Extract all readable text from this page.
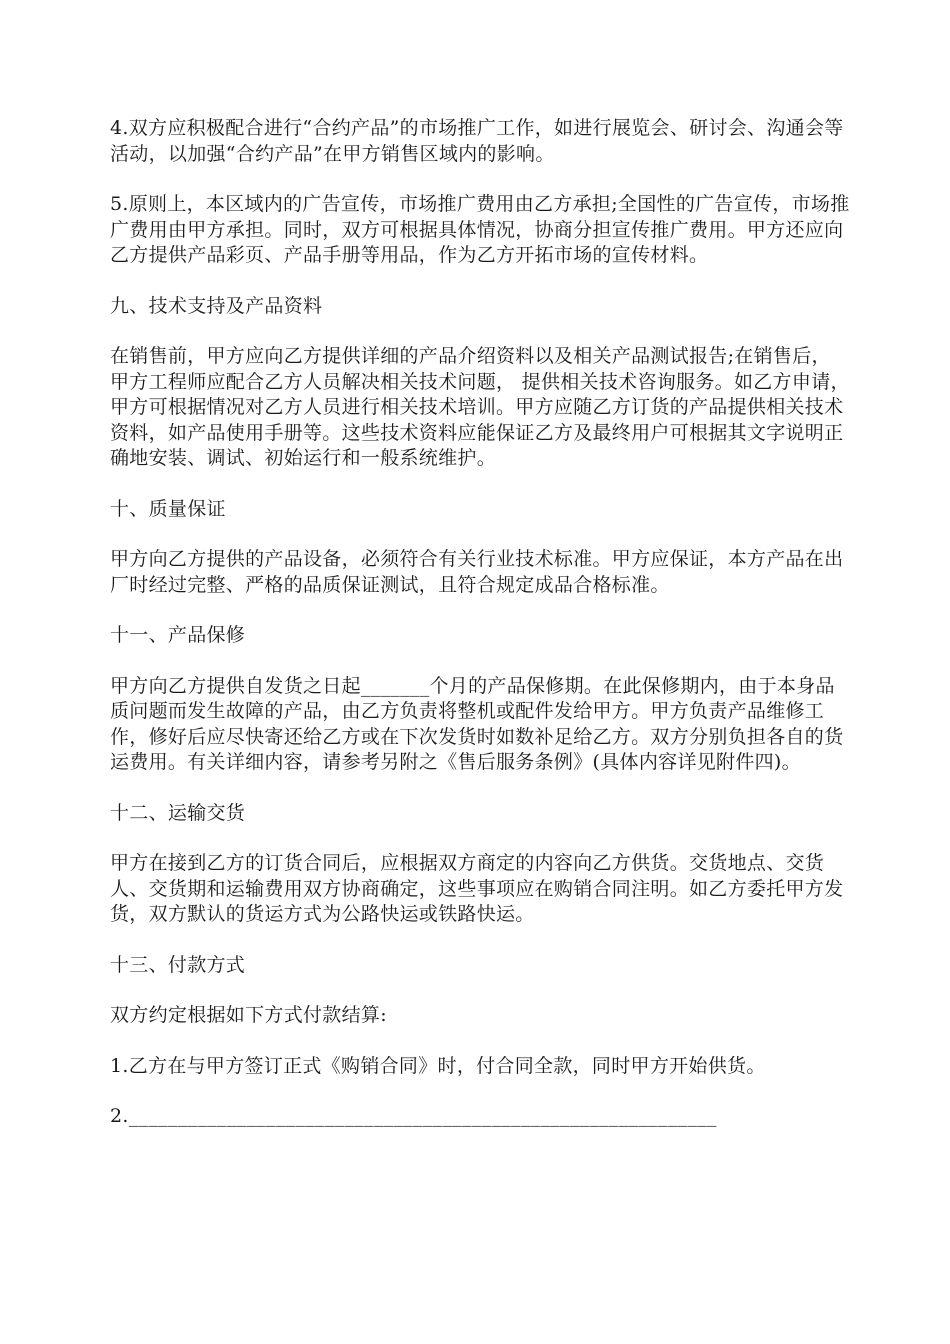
4.双方应积极配合进行“合约产品”的市场推广工作，如进行展览会、研讨会、沟通会等活动，以加强“合约产品”在甲方销售区域内的影响。

5.原则上，本区域内的广告宣传，市场推广费用由乙方承担;全国性的广告宣传，市场推广费用由甲方承担。同时，双方可根据具体情况，协商分担宣传推广费用。甲方还应向乙方提供产品彩页、产品手册等用品，作为乙方开拓市场的宣传材料。

九、技术支持及产品资料

在销售前，甲方应向乙方提供详细的产品介绍资料以及相关产品测试报告;在销售后， 甲方工程师应配合乙方人员解决相关技术问题， 提供相关技术咨询服务。如乙方申请，甲方可根据情况对乙方人员进行相关技术培训。甲方应随乙方订货的产品提供相关技术资料，如产品使用手册等。这些技术资料应能保证乙方及最终用户可根据其文字说明正确地安装、调试、初始运行和一般系统维护。

十、质量保证

甲方向乙方提供的产品设备，必须符合有关行业技术标准。甲方应保证，本方产品在出厂时经过完整、严格的品质保证测试，且符合规定成品合格标准。

十一、产品保修

甲方向乙方提供自发货之日起_______个月的产品保修期。在此保修期内，由于本身品质问题而发生故障的产品，由乙方负责将整机或配件发给甲方。甲方负责产品维修工作，修好后应尽快寄还给乙方或在下次发货时如数补足给乙方。双方分别负担各自的货运费用。有关详细内容，请参考另附之《售后服务条例》(具体内容详见附件四)。

十二、运输交货

甲方在接到乙方的订货合同后，应根据双方商定的内容向乙方供货。交货地点、交货人、交货期和运输费用双方协商确定，这些事项应在购销合同注明。如乙方委托甲方发货，双方默认的货运方式为公路快运或铁路快运。

十三、付款方式

双方约定根据如下方式付款结算:

1.乙方在与甲方签订正式《购销合同》时，付合同全款，同时甲方开始供货。

2.____________________________________________________________
